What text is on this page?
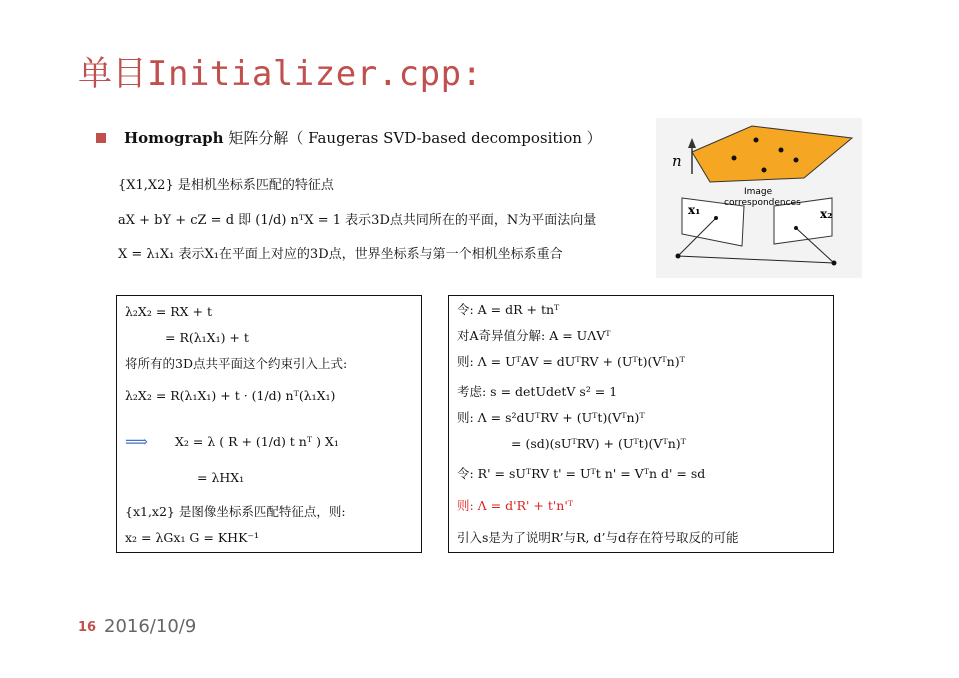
单目Initializer.cpp:
Homograph 矩阵分解（ Faugeras SVD-based decomposition ）
{X1,X2} 是相机坐标系匹配的特征点
aX + bY + cZ = d 即 (1/d) nᵀX = 1 表示3D点共同所在的平面，N为平面法向量
X = λ₁X₁ 表示X₁在平面上对应的3D点，世界坐标系与第一个相机坐标系重合
n
x₁	x₂
Image
correspondences
λ₂X₂ = RX + t
= R(λ₁X₁) + t
将所有的3D点共平面这个约束引入上式:
λ₂X₂ = R(λ₁X₁) + t · (1/d) nᵀ(λ₁X₁)
⟹ X₂ = λ ( R + (1/d) t nᵀ ) X₁
= λHX₁
{x1,x2} 是图像坐标系匹配特征点，则:
x₂ = λGx₁ G = KHK⁻¹
令: A = dR + tnᵀ
对A奇异值分解: A = UΛVᵀ
则: Λ = UᵀAV = dUᵀRV + (Uᵀt)(Vᵀn)ᵀ
考虑: s = detUdetV s² = 1
则: Λ = s²dUᵀRV + (Uᵀt)(Vᵀn)ᵀ
= (sd)(sUᵀRV) + (Uᵀt)(Vᵀn)ᵀ
令: R' = sUᵀRV t' = Uᵀt n' = Vᵀn d' = sd
则: Λ = d'R' + t'n'ᵀ
引入s是为了说明R’与R, d’与d存在符号取反的可能
16 2016/10/9
